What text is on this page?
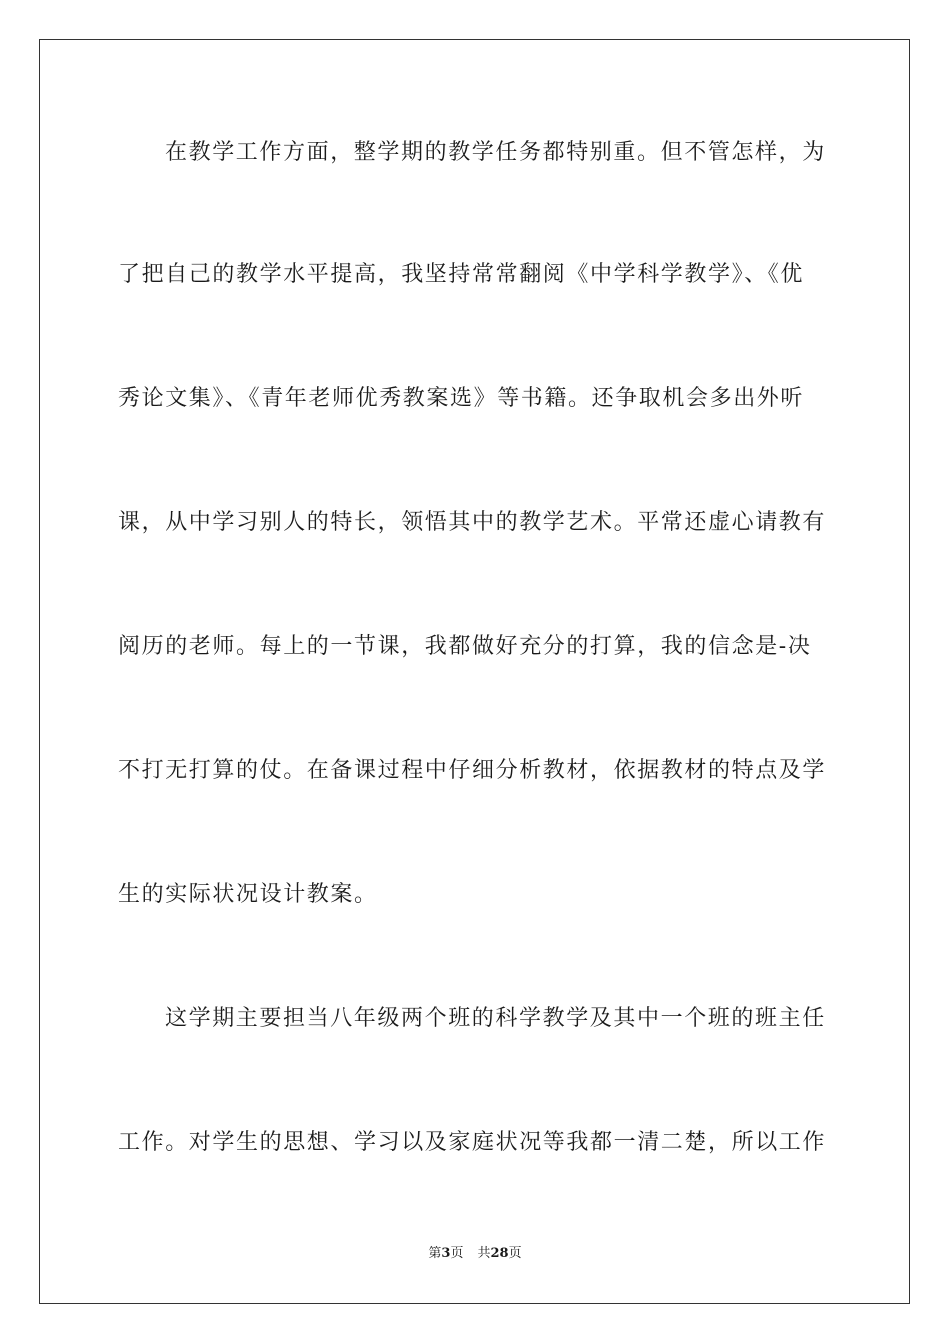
在教学工作方面，整学期的教学任务都特别重。但不管怎样，为
了把自己的教学水平提高，我坚持常常翻阅《中学科学教学》、《优
秀论文集》、《青年老师优秀教案选》等书籍。还争取机会多出外听
课，从中学习别人的特长，领悟其中的教学艺术。平常还虚心请教有
阅历的老师。每上的一节课，我都做好充分的打算，我的信念是-决
不打无打算的仗。在备课过程中仔细分析教材，依据教材的特点及学
生的实际状况设计教案。
这学期主要担当八年级两个班的科学教学及其中一个班的班主任
工作。对学生的思想、学习以及家庭状况等我都一清二楚，所以工作
第3页 共28页
